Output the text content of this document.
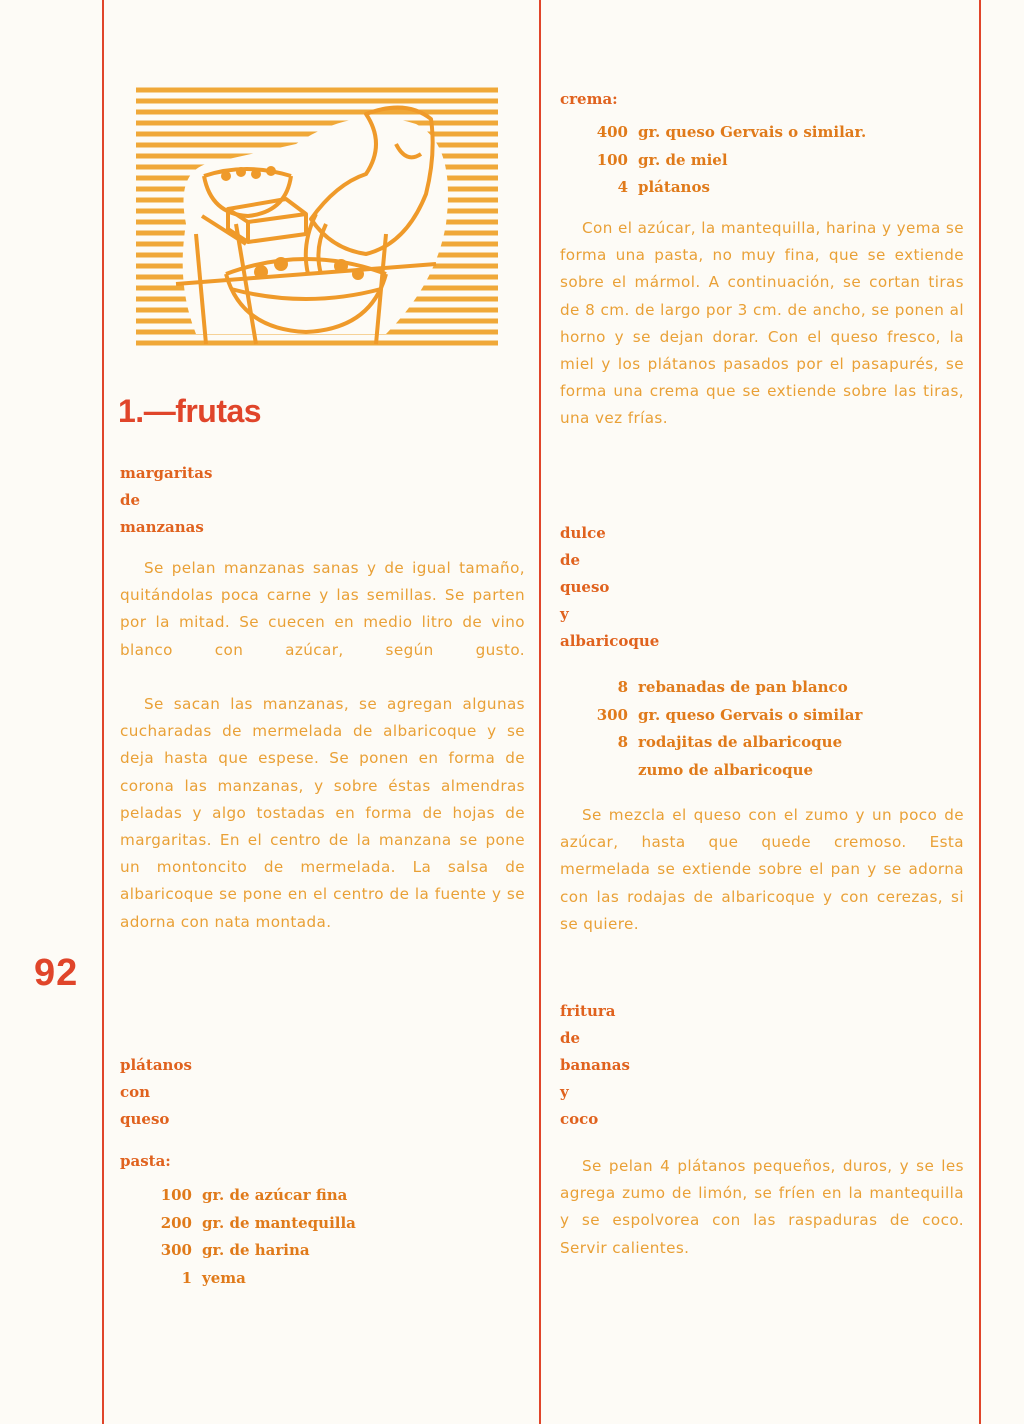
92
1.—frutas
margaritas
de
manzanas

Se pelan manzanas sanas y de igual tamaño, quitándolas poca carne y las semillas. Se parten por la mitad. Se cuecen en medio litro de vino blanco con azúcar, según gusto.

Se sacan las manzanas, se agregan algunas cucharadas de mermelada de albaricoque y se deja hasta que espese. Se ponen en forma de corona las manzanas, y sobre éstas almendras peladas y algo tostadas en forma de hojas de margaritas. En el centro de la manzana se pone un montoncito de mermelada. La salsa de albaricoque se pone en el centro de la fuente y se adorna con nata montada.

plátanos
con
queso
pasta:
100 gr. de azúcar fina
200 gr. de mantequilla
300 gr. de harina
1 yema
crema:
400 gr. queso Gervais o similar.
100 gr. de miel
4 plátanos

Con el azúcar, la mantequilla, harina y yema se forma una pasta, no muy fina, que se extiende sobre el mármol. A continuación, se cortan tiras de 8 cm. de largo por 3 cm. de ancho, se ponen al horno y se dejan dorar. Con el queso fresco, la miel y los plátanos pasados por el pasapurés, se forma una crema que se extiende sobre las tiras, una vez frías.

dulce
de
queso
y
albaricoque
8 rebanadas de pan blanco
300 gr. queso Gervais o similar
8 rodajitas de albaricoque
zumo de albaricoque

Se mezcla el queso con el zumo y un poco de azúcar, hasta que quede cremoso. Esta mermelada se extiende sobre el pan y se adorna con las rodajas de albaricoque y con cerezas, si se quiere.

fritura
de
bananas
y
coco

Se pelan 4 plátanos pequeños, duros, y se les agrega zumo de limón, se fríen en la mantequilla y se espolvorea con las raspaduras de coco. Servir calientes.
